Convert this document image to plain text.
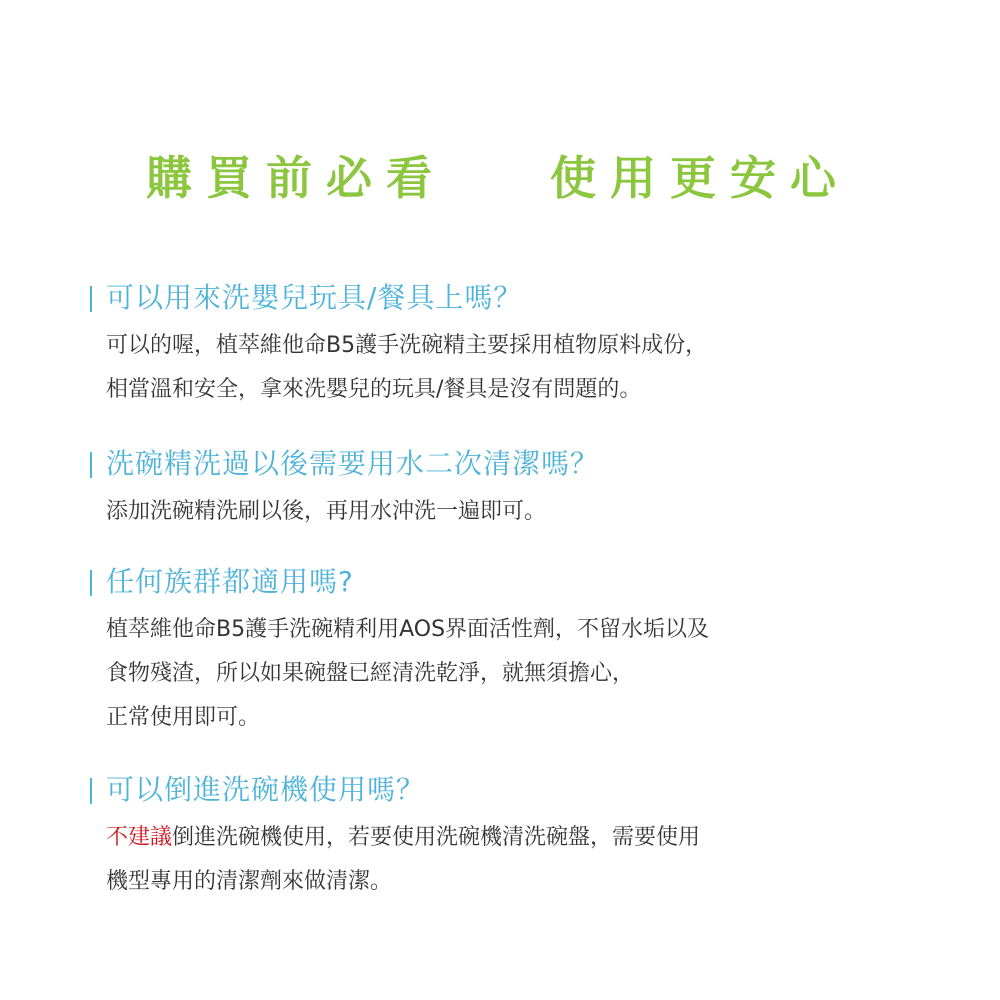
購買前必看 使用更安心
可以用來洗嬰兒玩具/餐具上嗎？
可以的喔，植萃維他命B5護手洗碗精主要採用植物原料成份，
相當溫和安全，拿來洗嬰兒的玩具/餐具是沒有問題的。
洗碗精洗過以後需要用水二次清潔嗎？
添加洗碗精洗刷以後，再用水沖洗一遍即可。
任何族群都適用嗎?
植萃維他命B5護手洗碗精利用AOS界面活性劑，不留水垢以及
食物殘渣，所以如果碗盤已經清洗乾淨，就無須擔心，
正常使用即可。
可以倒進洗碗機使用嗎？
不建議倒進洗碗機使用，若要使用洗碗機清洗碗盤，需要使用
機型專用的清潔劑來做清潔。
